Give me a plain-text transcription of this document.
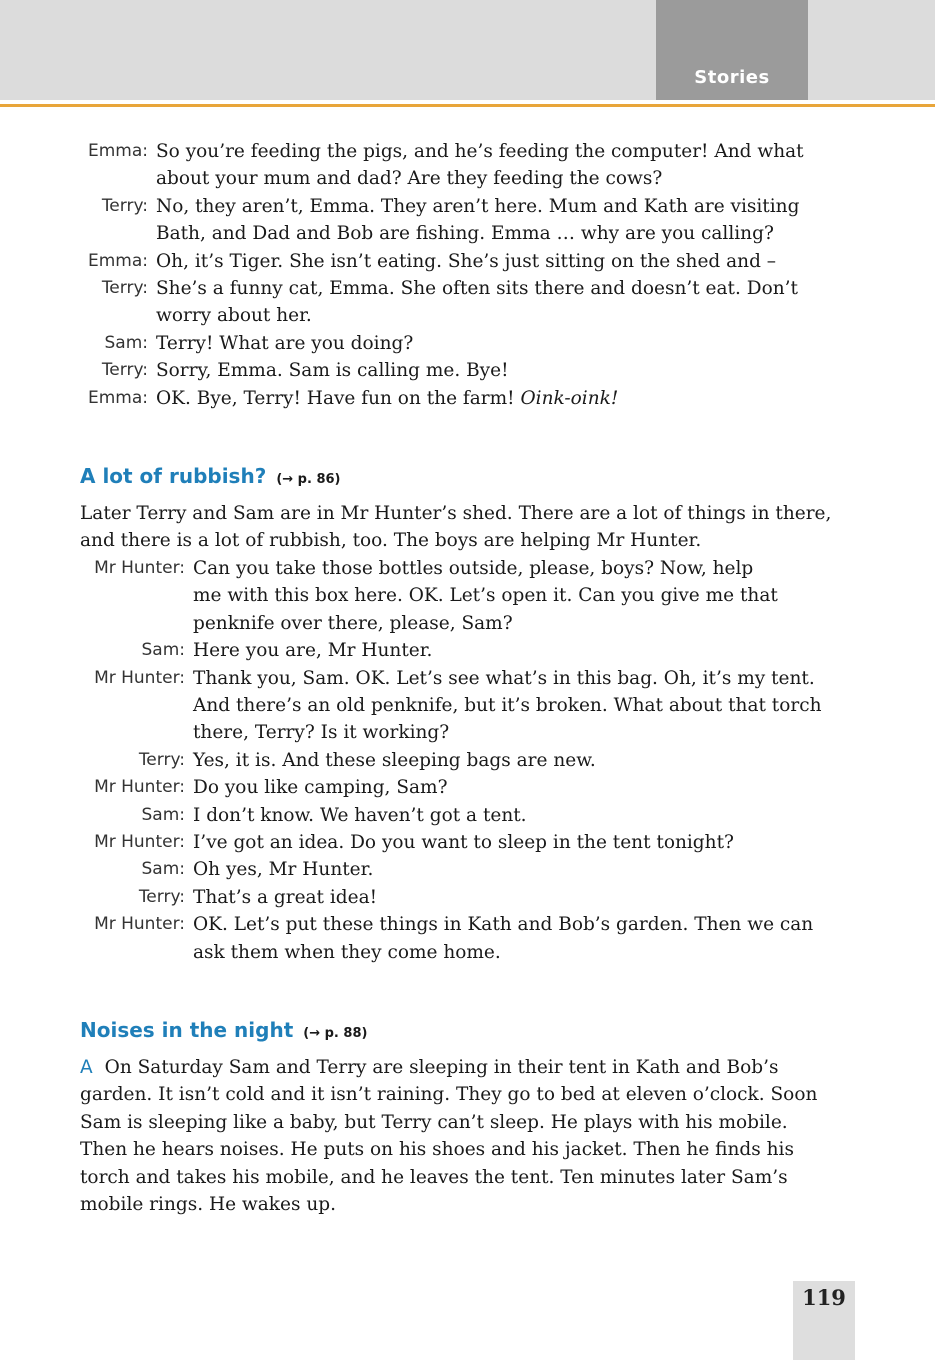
Stories
Emma: So you’re feeding the pigs, and he’s feeding the computer! And what
about your mum and dad? Are they feeding the cows?
Terry: No, they aren’t, Emma. They aren’t here. Mum and Kath are visiting
Bath, and Dad and Bob are fishing. Emma … why are you calling?
Emma: Oh, it’s Tiger. She isn’t eating. She’s just sitting on the shed and –
Terry: She’s a funny cat, Emma. She often sits there and doesn’t eat. Don’t
worry about her.
Sam: Terry! What are you doing?
Terry: Sorry, Emma. Sam is calling me. Bye!
Emma: OK. Bye, Terry! Have fun on the farm! Oink-oink!
A lot of rubbish? (→ p. 86)
Later Terry and Sam are in Mr Hunter’s shed. There are a lot of things in there,
and there is a lot of rubbish, too. The boys are helping Mr Hunter.
Mr Hunter: Can you take those bottles outside, please, boys? Now, help
me with this box here. OK. Let’s open it. Can you give me that
penknife over there, please, Sam?
Sam: Here you are, Mr Hunter.
Mr Hunter: Thank you, Sam. OK. Let’s see what’s in this bag. Oh, it’s my tent.
And there’s an old penknife, but it’s broken. What about that torch
there, Terry? Is it working?
Terry: Yes, it is. And these sleeping bags are new.
Mr Hunter: Do you like camping, Sam?
Sam: I don’t know. We haven’t got a tent.
Mr Hunter: I’ve got an idea. Do you want to sleep in the tent tonight?
Sam: Oh yes, Mr Hunter.
Terry: That’s a great idea!
Mr Hunter: OK. Let’s put these things in Kath and Bob’s garden. Then we can
ask them when they come home.
Noises in the night (→ p. 88)
A On Saturday Sam and Terry are sleeping in their tent in Kath and Bob’s
garden. It isn’t cold and it isn’t raining. They go to bed at eleven o’clock. Soon
Sam is sleeping like a baby, but Terry can’t sleep. He plays with his mobile.
Then he hears noises. He puts on his shoes and his jacket. Then he finds his
torch and takes his mobile, and he leaves the tent. Ten minutes later Sam’s
mobile rings. He wakes up.
119
